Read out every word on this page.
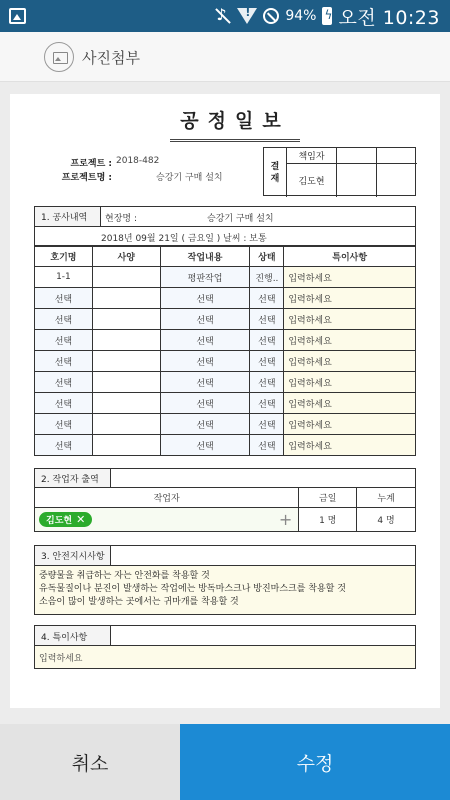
♪
!
94% ϟ 오전 10:23
사진첨부
공정일보
프로젝트 : 2018-482
프로젝트명 :	승강기 구매 설치
결
재
책임자
김도현
1. 공사내역	현장명 :	승강기 구매 설치
2018년 09월 21일 ( 금요일 ) 날씨 : 보통
호기명	사양	작업내용	상태	특이사항
1-1		평판작업	진행..	입력하세요
선택		선택	선택	입력하세요
선택		선택	선택	입력하세요
선택		선택	선택	입력하세요
선택		선택	선택	입력하세요
선택		선택	선택	입력하세요
선택		선택	선택	입력하세요
선택		선택	선택	입력하세요
선택		선택	선택	입력하세요
2. 작업자 출역
작업자	금일	누계

김도현 ✕ +	1 명	4 명
3. 안전지시사항
중량물을 취급하는 자는 안전화를 착용할 것
유독물질이나 분진이 발생하는 작업에는 방독마스크나 방진마스크를 착용할 것
소음이 많이 발생하는 곳에서는 귀마개를 착용할 것
4. 특이사항
입력하세요
취소	수정
